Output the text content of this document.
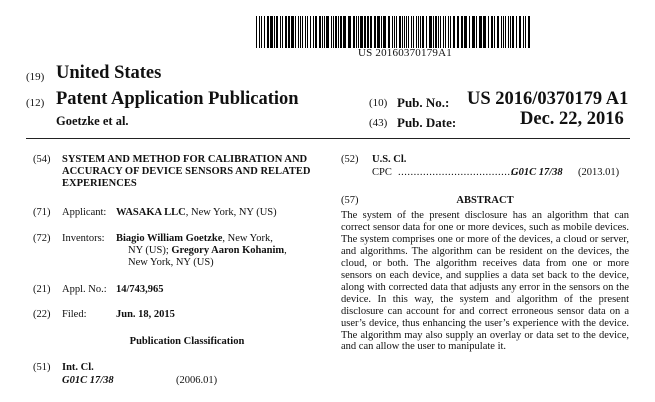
US 20160370179A1
(19) United States
(12) Patent Application Publication
Goetzke et al.
(10) Pub. No.: US 2016/0370179 A1
(43) Pub. Date:	Dec. 22, 2016
(54) SYSTEM AND METHOD FOR CALIBRATION AND ACCURACY OF DEVICE SENSORS AND RELATED EXPERIENCES
(71) Applicant: WASAKA LLC, New York, NY (US)
(72) Inventors: Biagio William Goetzke, New York,
NY (US); Gregory Aaron Kohanim,
New York, NY (US)
(21) Appl. No.: 14/743,965
(22) Filed:	Jun. 18, 2015
Publication Classification
(51) Int. Cl.
G01C 17/38	(2006.01)
(52) U.S. Cl.
CPC ......................................
G01C 17/38 (2013.01)
(57)	ABSTRACT
The system of the present disclosure has an algorithm that can correct sensor data for one or more devices, such as mobile devices. The system comprises one or more of the devices, a cloud or server, and algorithms. The algorithm can be resident on the devices, the cloud, or both. The algorithm receives data from one or more sensors on each device, and supplies a data set back to the device, along with corrected data that adjusts any error in the sensors on the device. In this way, the system and algorithm of the present disclosure can account for and correct erroneous sensor data on a user’s device, thus enhancing the user’s experience with the device. The algorithm may also supply an overlay or data set to the device, and can allow the user to manipulate it.
